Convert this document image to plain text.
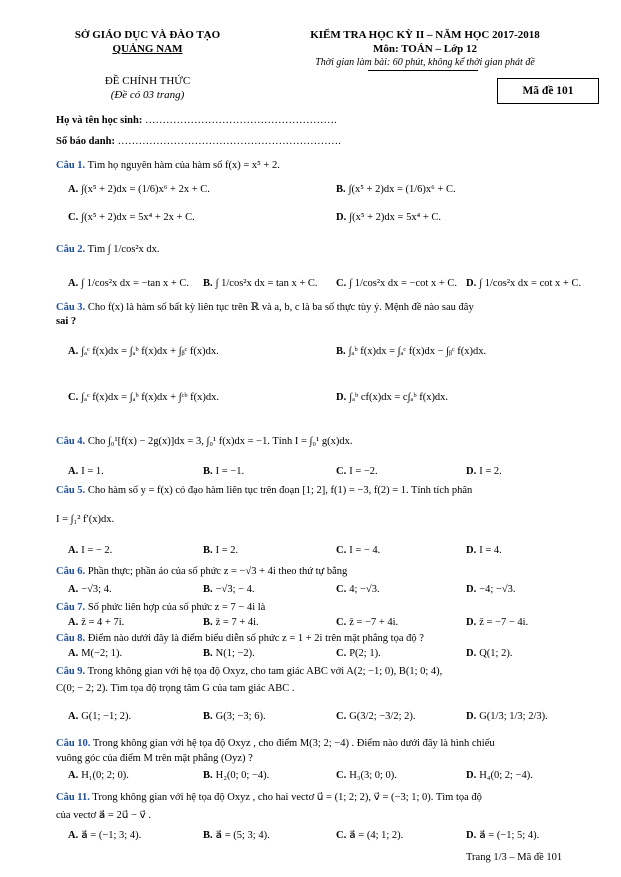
SỞ GIÁO DỤC VÀ ĐÀO TẠO
QUẢNG NAM
KIỂM TRA HỌC KỲ II – NĂM HỌC 2017-2018
Môn: TOÁN – Lớp 12
Thời gian làm bài: 60 phút, không kể thời gian phát đề
ĐỀ CHÍNH THỨC
(Đề có 03 trang)	Mã đề 101
Họ và tên học sinh: ……………………………………………….
Số báo danh: ……………………………………………………….
Câu 1. Tìm họ nguyên hàm của hàm số f(x) = x⁵ + 2.
A. ∫(x⁵ + 2)dx = (1/6)x⁶ + 2x + C.	B. ∫(x⁵ + 2)dx = (1/6)x⁶ + C.
C. ∫(x⁵ + 2)dx = 5x⁴ + 2x + C.	D. ∫(x⁵ + 2)dx = 5x⁴ + C.
Câu 2. Tìm ∫ 1/cos²x dx.
A. ∫ 1/cos²x dx = −tan x + C. B. ∫ 1/cos²x dx = tan x + C. C. ∫ 1/cos²x dx = −cot x + C. D. ∫ 1/cos²x dx = cot x + C.
Câu 3. Cho f(x) là hàm số bất kỳ liên tục trên ℝ và a, b, c là ba số thực tùy ý. Mệnh đề nào sau đây
sai ?
A. ∫ₐᶜ f(x)dx = ∫ₐᵇ f(x)dx + ∫ᵦᶜ f(x)dx.	B. ∫ₐᵇ f(x)dx = ∫ₐᶜ f(x)dx − ∫ᵦᶜ f(x)dx.
C. ∫ₐᶜ f(x)dx = ∫ₐᵇ f(x)dx + ∫ᶜᵇ f(x)dx.	D. ∫ₐᵇ cf(x)dx = c∫ₐᵇ f(x)dx.
Câu 4. Cho ∫₀¹[f(x) − 2g(x)]dx = 3, ∫₀¹ f(x)dx = −1. Tính I = ∫₀¹ g(x)dx.
A. I = 1.	B. I = −1.	C. I = −2.	D. I = 2.
Câu 5. Cho hàm số y = f(x) có đạo hàm liên tục trên đoạn [1; 2], f(1) = −3, f(2) = 1. Tính tích phân
I = ∫₁² f′(x)dx.
A. I = − 2.	B. I = 2.	C. I = − 4.	D. I = 4.
Câu 6. Phần thực; phần ảo của số phức z = −√3 + 4i theo thứ tự bằng
A. −√3; 4.	B. −√3; − 4.	C. 4; −√3.	D. −4; −√3.
Câu 7. Số phức liên hợp của số phức z = 7 − 4i là
A. z̄ = 4 + 7i.	B. z̄ = 7 + 4i.	C. z̄ = −7 + 4i.	D. z̄ = −7 − 4i.
Câu 8. Điểm nào dưới đây là điểm biểu diễn số phức z = 1 + 2i trên mặt phẳng tọa độ ?
A. M(−2; 1).	B. N(1; −2).	C. P(2; 1).	D. Q(1; 2).
Câu 9. Trong không gian với hệ tọa độ Oxyz, cho tam giác ABC với A(2; −1; 0), B(1; 0; 4),
C(0; − 2; 2). Tìm tọa độ trọng tâm G của tam giác ABC .
A. G(1; −1; 2).	B. G(3; −3; 6).	C. G(3/2; −3/2; 2).	D. G(1/3; 1/3; 2/3).
Câu 10. Trong không gian với hệ tọa độ Oxyz , cho điểm M(3; 2; −4) . Điểm nào dưới đây là hình chiếu
vuông góc của điểm M trên mặt phẳng (Oyz) ?
A. H₁(0; 2; 0).	B. H₂(0; 0; −4).	C. H₃(3; 0; 0).	D. H₄(0; 2; −4).
Câu 11. Trong không gian với hệ tọa độ Oxyz , cho hai vectơ u⃗ = (1; 2; 2), v⃗ = (−3; 1; 0). Tìm tọa độ
của vectơ a⃗ = 2u⃗ − v⃗ .
A. a⃗ = (−1; 3; 4).	B. a⃗ = (5; 3; 4).	C. a⃗ = (4; 1; 2).	D. a⃗ = (−1; 5; 4).
Trang 1/3 – Mã đề 101
